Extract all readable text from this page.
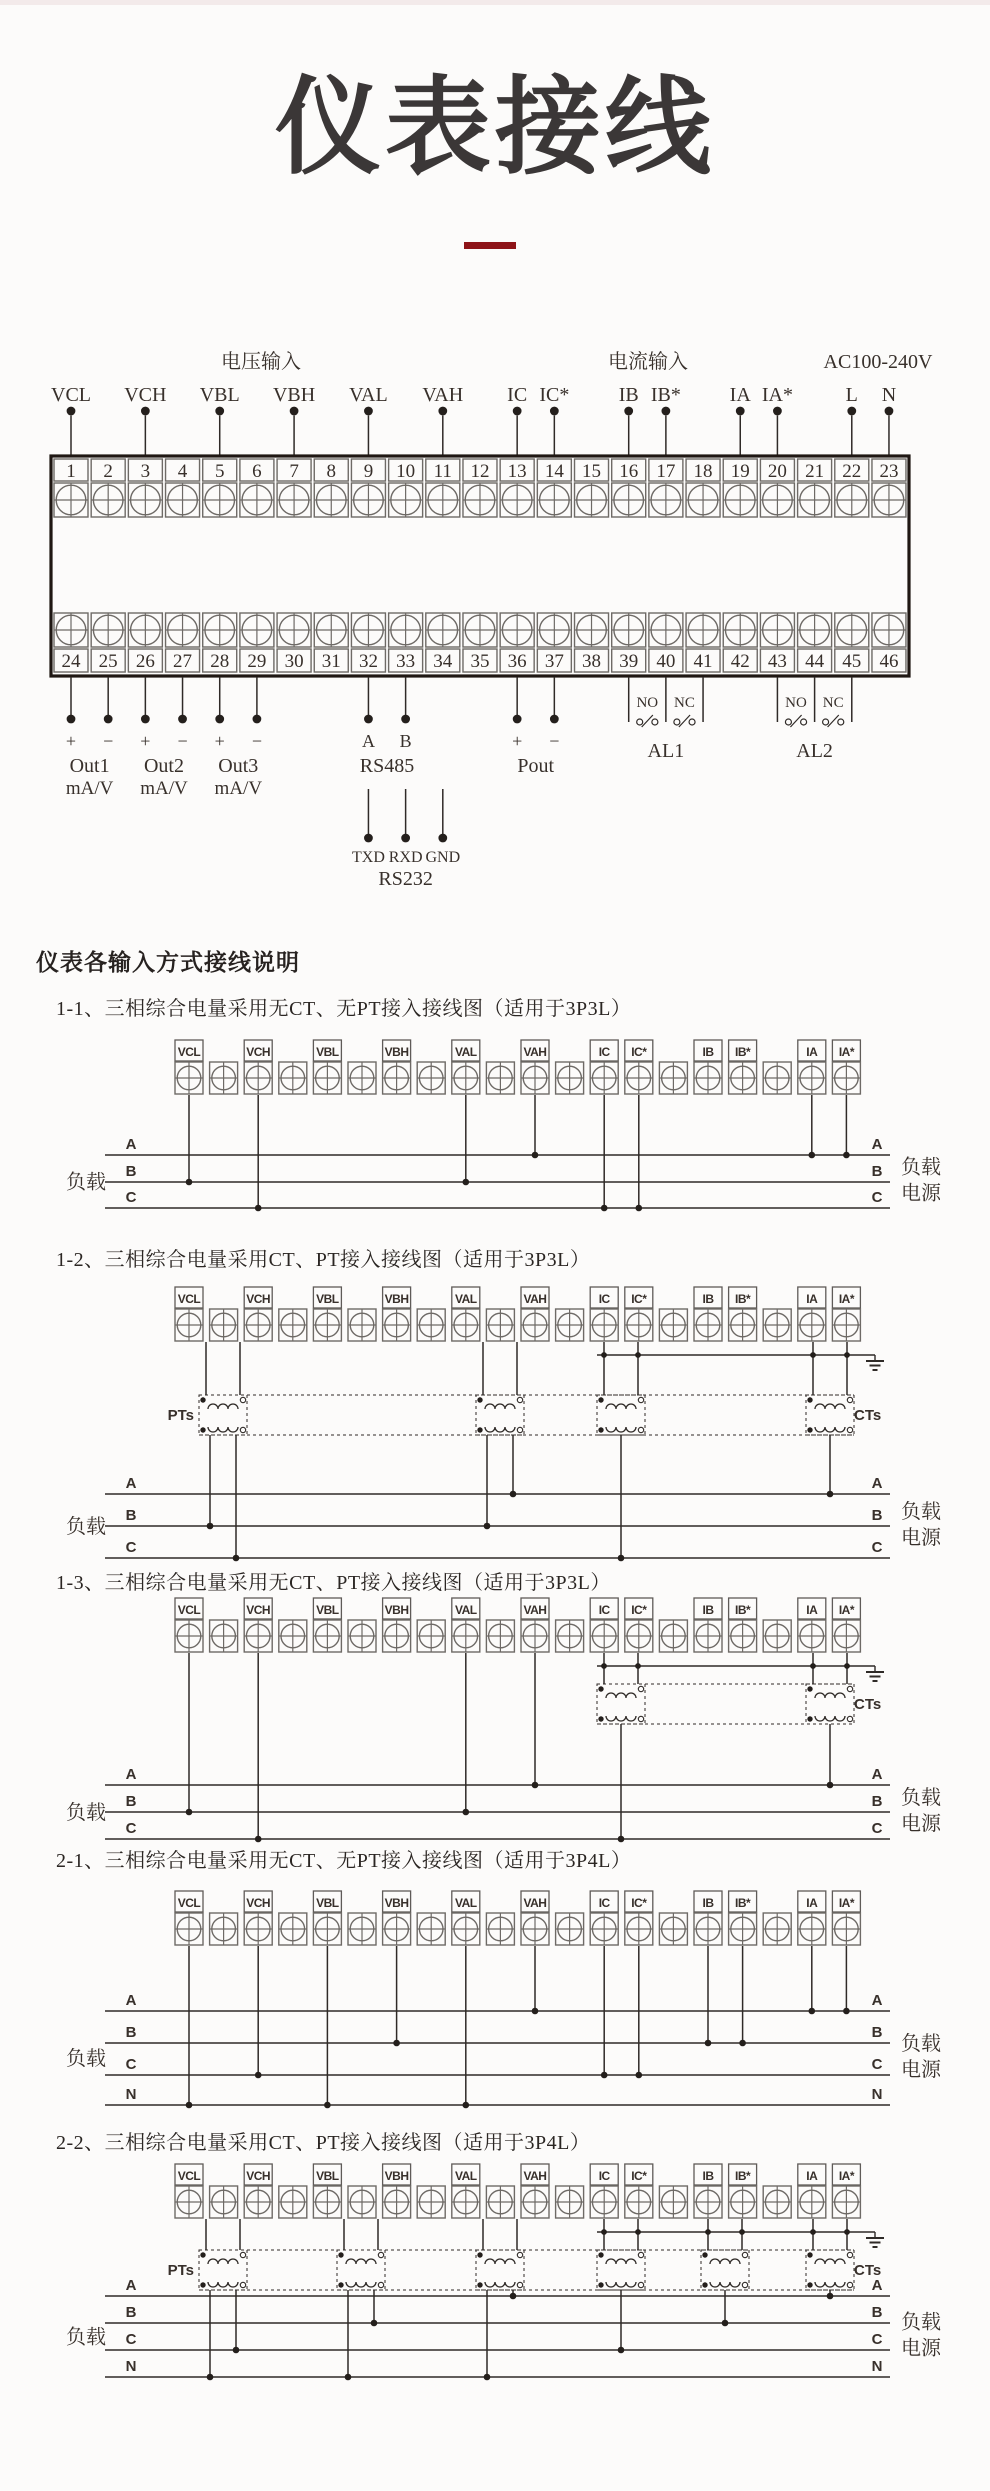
仪表接线
电压输入	电流输入	AC100-240V
VCL VCH VBL VBH VAL VAH IC IC* IB IB* IA IA*	L N
1 2 3 4 5 6 7 8 9 10 11 12 13 14 15 16 17 18 19 20 21 22 23
24 25 26 27 28 29 30 31 32 33 34 35 36 37 38 39 40 41 42 43 44 45 46
+ −
Out1
mA/V
+ −
Out2
mA/V
+ −
Out3
mA/V
A B
RS485
+ −
Pout
NO NC
AL1
NO NC
AL2
TXD RXD GND
RS232
VCL	VCH	VBL	VBH	VAL	VAH	IC IC*	IB IB*	IA IA*
A	A
B	B
C	C
负载
负载
电源
VCL	VCH	VBL	VBH	VAL	VAH	IC IC*	IB IB*	IA IA*
A	A
B	B
C	C
负载
负载
电源
PTs	CTs
VCL	VCH	VBL	VBH	VAL	VAH	IC IC*	IB IB*	IA IA*
A	A
B	B
C	C
负载
负载
电源
CTs
VCL	VCH	VBL	VBH	VAL	VAH	IC IC*	IB IB*	IA IA*
A	A
B	B
C	C
N	N
负载
负载
电源
VCL	VCH	VBL	VBH	VAL	VAH	IC IC*	IB IB*	IA IA*
A	A
B	B
C	C
N	N
负载
负载
电源
PTs	CTs
仪表各输入方式接线说明
1-1、三相综合电量采用无CT、无PT接入接线图（适用于3P3L）
1-2、三相综合电量采用CT、PT接入接线图（适用于3P3L）
1-3、三相综合电量采用无CT、PT接入接线图（适用于3P3L）
2-1、三相综合电量采用无CT、无PT接入接线图（适用于3P4L）
2-2、三相综合电量采用CT、PT接入接线图（适用于3P4L）
